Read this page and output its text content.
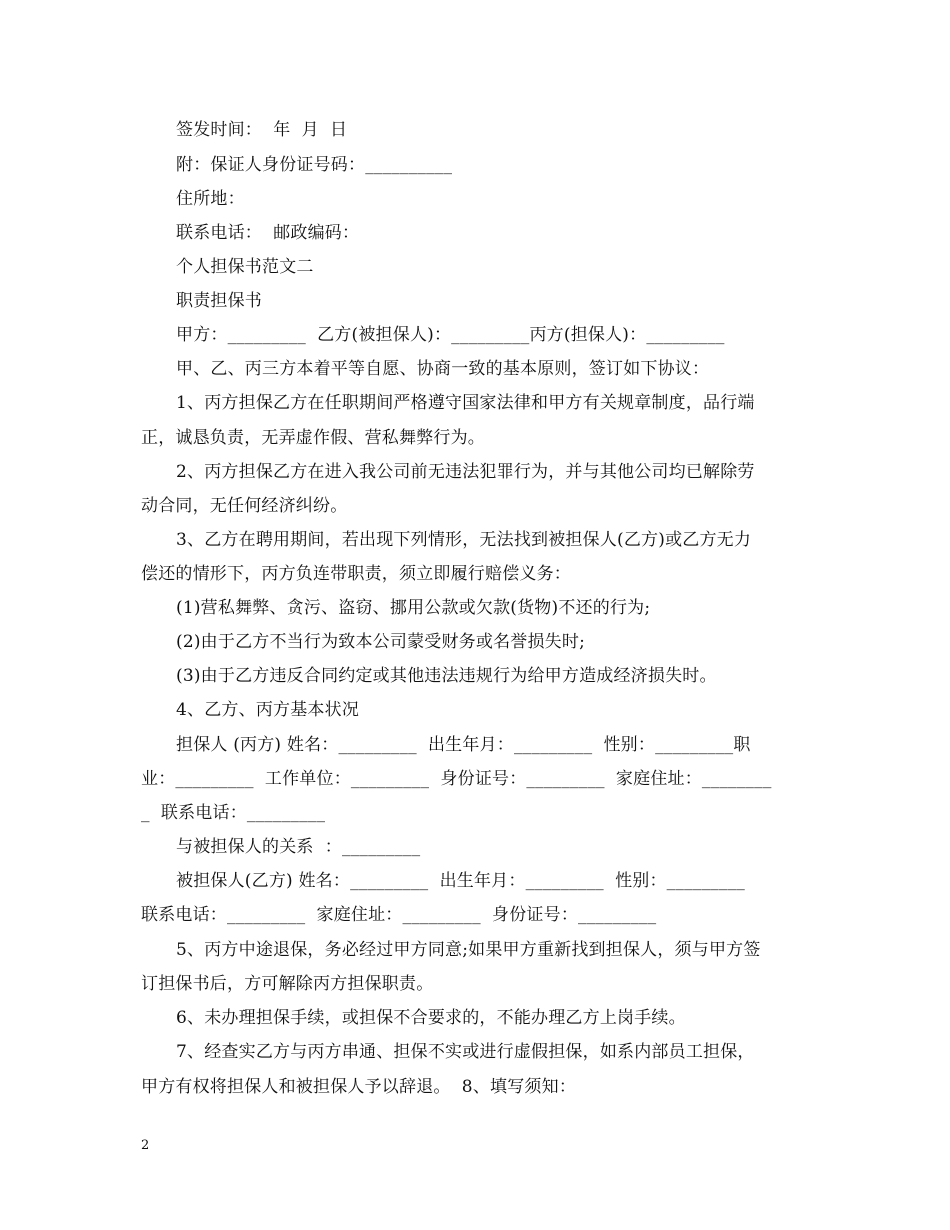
签发时间：  年  月  日
附：保证人身份证号码：__________
住所地：
联系电话：  邮政编码：
个人担保书范文二
职责担保书
甲方：_________  乙方(被担保人)：_________丙方(担保人)：_________
甲、乙、丙三方本着平等自愿、协商一致的基本原则，签订如下协议：
1、丙方担保乙方在任职期间严格遵守国家法律和甲方有关规章制度，品行端
正，诚恳负责，无弄虚作假、营私舞弊行为。
2、丙方担保乙方在进入我公司前无违法犯罪行为，并与其他公司均已解除劳
动合同，无任何经济纠纷。
3、乙方在聘用期间，若出现下列情形，无法找到被担保人(乙方)或乙方无力
偿还的情形下，丙方负连带职责，须立即履行赔偿义务：
(1)营私舞弊、贪污、盗窃、挪用公款或欠款(货物)不还的行为;
(2)由于乙方不当行为致本公司蒙受财务或名誉损失时;
(3)由于乙方违反合同约定或其他违法违规行为给甲方造成经济损失时。
4、乙方、丙方基本状况
担保人 (丙方) 姓名：_________  出生年月：_________  性别：_________职
业：_________  工作单位：_________  身份证号：_________  家庭住址：________
_  联系电话：_________
与被担保人的关系  ：_________
被担保人(乙方) 姓名：_________  出生年月：_________  性别：_________
联系电话：_________  家庭住址：_________  身份证号：_________
5、丙方中途退保，务必经过甲方同意;如果甲方重新找到担保人，须与甲方签
订担保书后，方可解除丙方担保职责。
6、未办理担保手续，或担保不合要求的，不能办理乙方上岗手续。
7、经查实乙方与丙方串通、担保不实或进行虚假担保，如系内部员工担保，
甲方有权将担保人和被担保人予以辞退。  8、填写须知：
2
